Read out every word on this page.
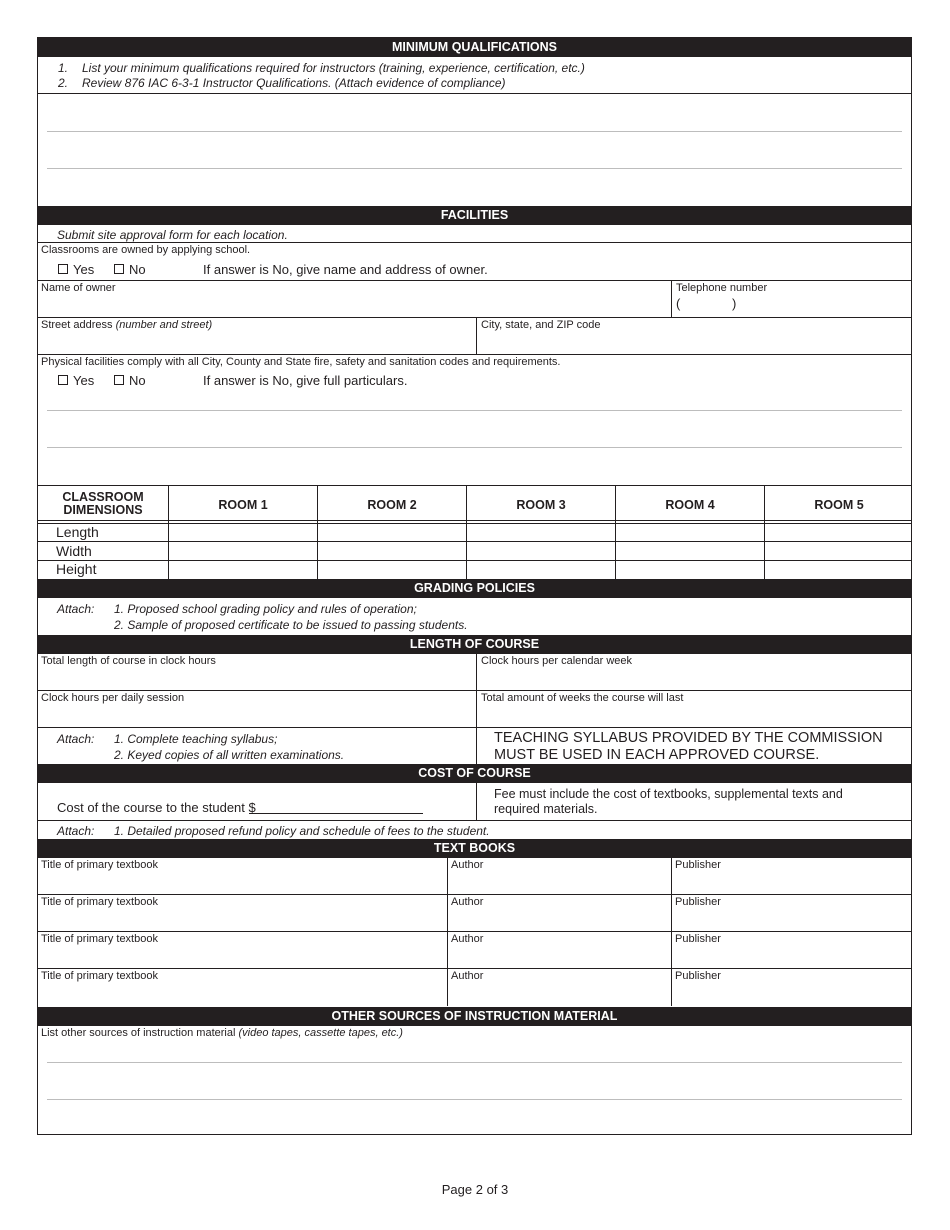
MINIMUM QUALIFICATIONS
1. List your minimum qualifications required for instructors (training, experience, certification, etc.)
2. Review 876 IAC 6-3-1 Instructor Qualifications. (Attach evidence of compliance)
FACILITIES
Submit site approval form for each location.
Classrooms are owned by applying school.
Yes	No	If answer is No, give name and address of owner.
Name of owner	Telephone number
(	)
Street address (number and street)	City, state, and ZIP code
Physical facilities comply with all City, County and State fire, safety and sanitation codes and requirements.
Yes	No	If answer is No, give full particulars.
CLASSROOM
DIMENSIONS	ROOM 1	ROOM 2	ROOM 3	ROOM 4	ROOM 5
Length
Width
Height
GRADING POLICIES
Attach: 1. Proposed school grading policy and rules of operation;
2. Sample of proposed certificate to be issued to passing students.
LENGTH OF COURSE
Total length of course in clock hours	Clock hours per calendar week
Clock hours per daily session	Total amount of weeks the course will last
Attach: 1. Complete teaching syllabus;
2. Keyed copies of all written examinations.
TEACHING SYLLABUS PROVIDED BY THE COMMISSION
MUST BE USED IN EACH APPROVED COURSE.
COST OF COURSE
Cost of the course to the student $
Fee must include the cost of textbooks, supplemental texts and
required materials.
Attach: 1. Detailed proposed refund policy and schedule of fees to the student.
TEXT BOOKS
Title of primary textbook	Author	Publisher
Title of primary textbook	Author	Publisher
Title of primary textbook	Author	Publisher
Title of primary textbook	Author	Publisher
OTHER SOURCES OF INSTRUCTION MATERIAL
List other sources of instruction material (video tapes, cassette tapes, etc.)
Page 2 of 3
